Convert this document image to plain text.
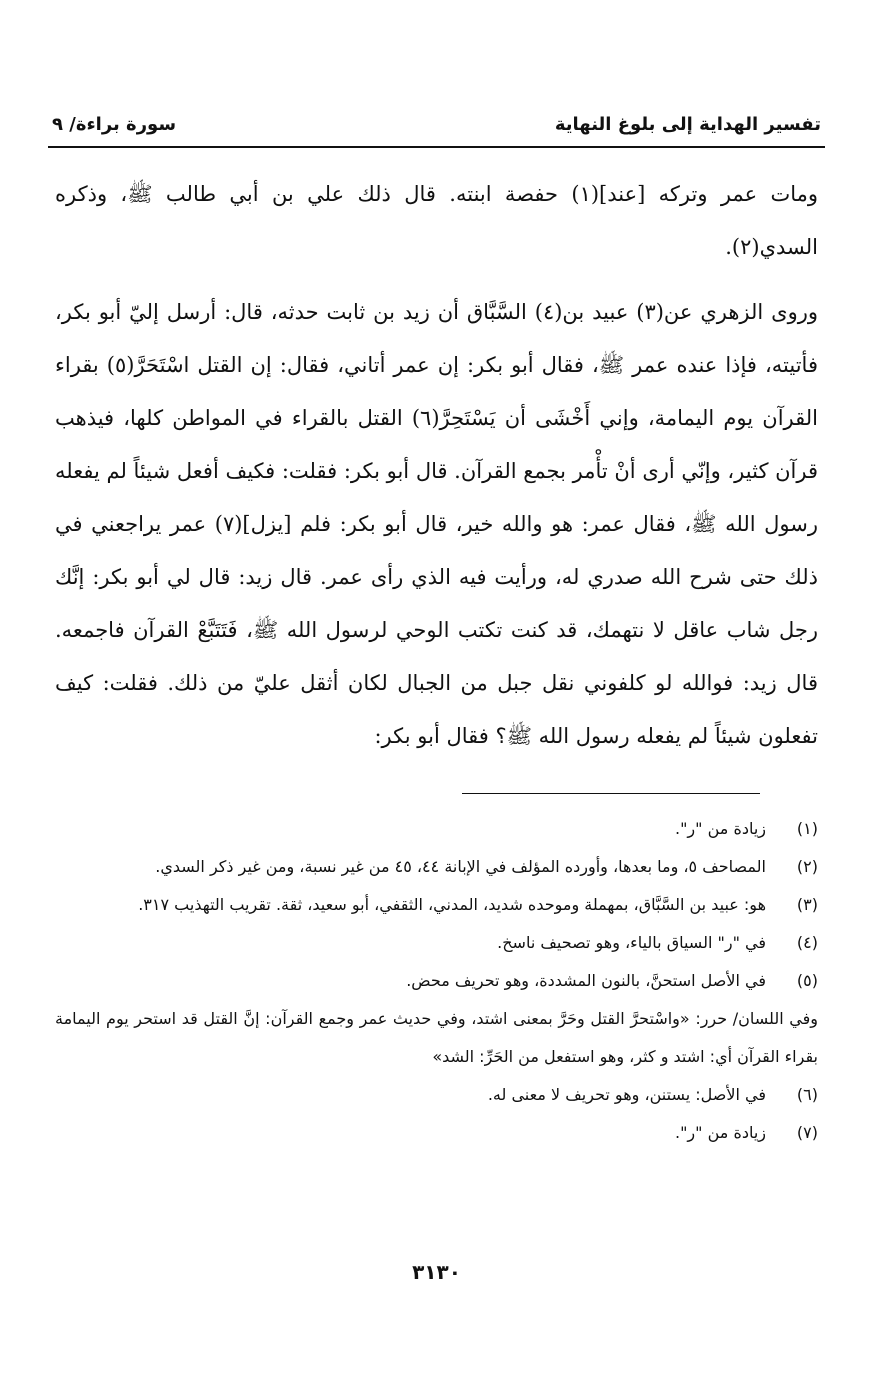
تفسير الهداية إلى بلوغ النهاية
سورة براءة/ ٩

ومات عمر وتركه [عند](١) حفصة ابنته. قال ذلك علي بن أبي طالب ﷺ، وذكره السدي(٢).

وروى الزهري عن(٣) عبيد بن(٤) السَّبَّاق أن زيد بن ثابت حدثه، قال: أرسل إليّ أبو بكر، فأتيته، فإذا عنده عمر ﷺ، فقال أبو بكر: إن عمر أتاني، فقال: إن القتل اسْتَحَرَّ(٥) بقراء القرآن يوم اليمامة، وإني أَخْشَى أن يَسْتَحِرَّ(٦) القتل بالقراء في المواطن كلها، فيذهب قرآن كثير، وإنّي أرى أنْ تأْمر بجمع القرآن. قال أبو بكر: فقلت: فكيف أفعل شيئاً لم يفعله رسول الله ﷺ، فقال عمر: هو والله خير، قال أبو بكر: فلم [يزل](٧) عمر يراجعني في ذلك حتى شرح الله صدري له، ورأيت فيه الذي رأى عمر. قال زيد: قال لي أبو بكر: إنَّك رجل شاب عاقل لا نتهمك، قد كنت تكتب الوحي لرسول الله ﷺ، فَتَتَبَّعْ القرآن فاجمعه. قال زيد: فوالله لو كلفوني نقل جبل من الجبال لكان أثقل عليّ من ذلك. فقلت: كيف تفعلون شيئاً لم يفعله رسول الله ﷺ؟ فقال أبو بكر:

(١)
زيادة من "ر".
(٢)
المصاحف ٥، وما بعدها، وأورده المؤلف في الإبانة ٤٤، ٤٥ من غير نسبة، ومن غير ذكر السدي.
(٣)
هو: عبيد بن السَّبَّاق، بمهملة وموحده شديد، المدني، الثقفي، أبو سعيد، ثقة. تقريب التهذيب ٣١٧.
(٤)
في "ر" السياق بالياء، وهو تصحيف ناسخ.
(٥)
في الأصل استحنَّ، بالنون المشددة، وهو تحريف محض.
وفي اللسان/ حرر: «واسْتحرَّ القتل وحَرَّ بمعنى اشتد، وفي حديث عمر وجمع القرآن: إنَّ القتل قد استحر يوم اليمامة بقراء القرآن أي: اشتد و كثر، وهو استفعل من الحَرِّ: الشد»
(٦)
في الأصل: يستنن، وهو تحريف لا معنى له.
(٧)
زيادة من "ر".
٣١٣٠
